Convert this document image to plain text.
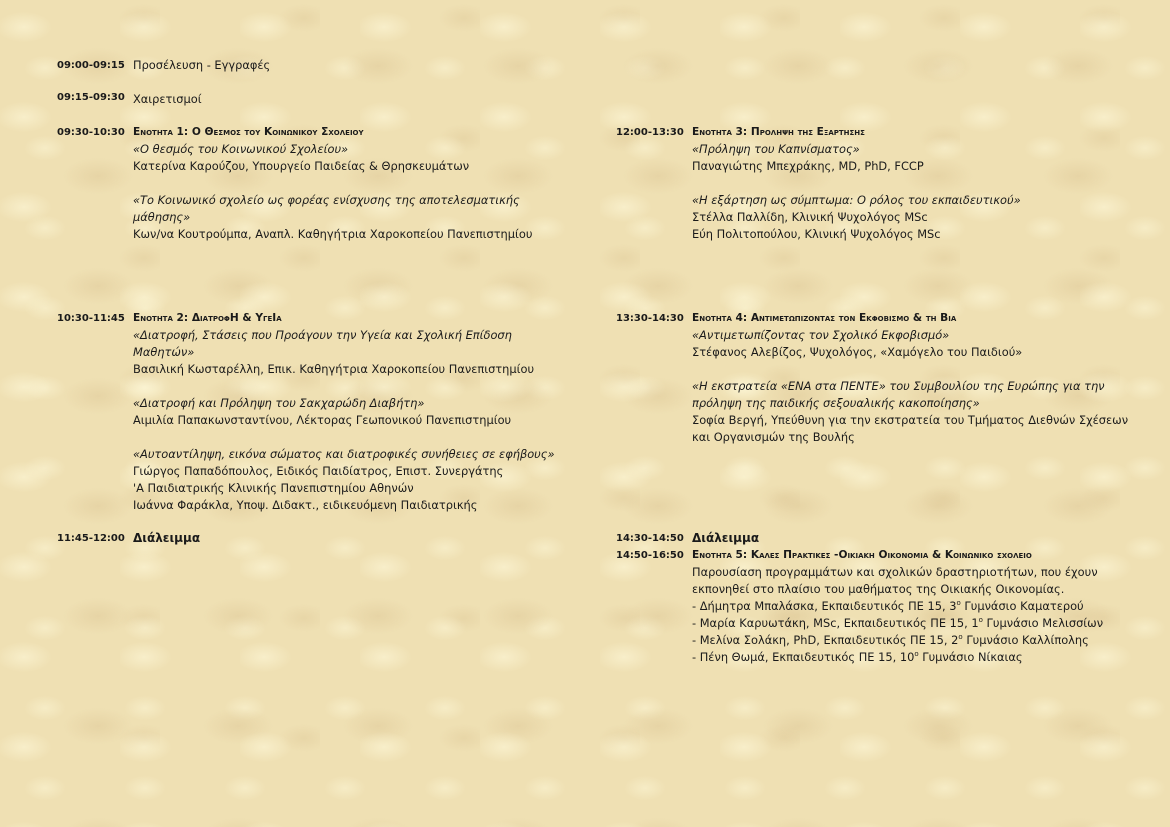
09:00-09:15 Προσέλευση - Εγγραφές
09:15-09:30 Χαιρετισμοί
09:30-10:30 Ενοτητα 1: Ο Θεσμος του Κοινωνικου Σχολειου
«Ο θεσμός του Κοινωνικού Σχολείου»
Κατερίνα Καρούζου, Υπουργείο Παιδείας & Θρησκευμάτων
«Το Κοινωνικό σχολείο ως φορέας ενίσχυσης της αποτελεσματικής
μάθησης»
Κων/να Κουτρούμπα, Αναπλ. Καθηγήτρια Χαροκοπείου Πανεπιστημίου
10:30-11:45 Ενοτητα 2: ΔιατροφΗ & ΥγεΙα
«Διατροφή, Στάσεις που Προάγουν την Υγεία και Σχολική Επίδοση
Μαθητών»
Βασιλική Κωσταρέλλη, Επικ. Καθηγήτρια Χαροκοπείου Πανεπιστημίου
«Διατροφή και Πρόληψη του Σακχαρώδη Διαβήτη»
Αιμιλία Παπακωνσταντίνου, Λέκτορας Γεωπονικού Πανεπιστημίου
«Αυτοαντίληψη, εικόνα σώματος και διατροφικές συνήθειες σε εφήβους»
Γιώργος Παπαδόπουλος, Ειδικός Παιδίατρος, Επιστ. Συνεργάτης
'Α Παιδιατρικής Κλινικής Πανεπιστημίου Αθηνών
Ιωάννα Φαράκλα, Υποψ. Διδακτ., ειδικευόμενη Παιδιατρικής
11:45-12:00 Διάλειμμα
12:00-13:30 Ενοτητα 3: Προληψη της Εξαρτησης
«Πρόληψη του Καπνίσματος»
Παναγιώτης Μπεχράκης, MD, PhD, FCCP
«Η εξάρτηση ως σύμπτωμα: Ο ρόλος του εκπαιδευτικού»
Στέλλα Παλλίδη, Κλινική Ψυχολόγος MSc
Εύη Πολιτοπούλου, Κλινική Ψυχολόγος MSc
13:30-14:30 Ενοτητα 4: Αντιμετωπιζοντας τον Εκφοβισμο & τη Βια
«Αντιμετωπίζοντας τον Σχολικό Εκφοβισμό»
Στέφανος Αλεβίζος, Ψυχολόγος, «Χαμόγελο του Παιδιού»
«Η εκστρατεία «ΕΝΑ στα ΠΕΝΤΕ» του Συμβουλίου της Ευρώπης για την
πρόληψη της παιδικής σεξουαλικής κακοποίησης»
Σοφία Βεργή, Υπεύθυνη για την εκστρατεία του Τμήματος Διεθνών Σχέσεων
και Οργανισμών της Βουλής
14:30-14:50 Διάλειμμα
14:50-16:50 Ενοτητα 5: Καλες Πρακτικες -Οικιακη Οικονομια & Κοινωνικο σχολειο
Παρουσίαση προγραμμάτων και σχολικών δραστηριοτήτων, που έχουν
εκπονηθεί στο πλαίσιο του μαθήματος της Οικιακής Οικονομίας.
- Δήμητρα Μπαλάσκα, Εκπαιδευτικός ΠΕ 15, $3^o$ Γυμνάσιο Καματερού
- Μαρία Καρυωτάκη, MSc, Εκπαιδευτικός ΠΕ 15, $1^o$ Γυμνάσιο Μελισσίων
- Μελίνα Σολάκη, PhD, Εκπαιδευτικός ΠΕ 15, $2^o$ Γυμνάσιο Καλλίπολης
- Πένη Θωμά, Εκπαιδευτικός ΠΕ 15, $10^o$ Γυμνάσιο Νίκαιας
